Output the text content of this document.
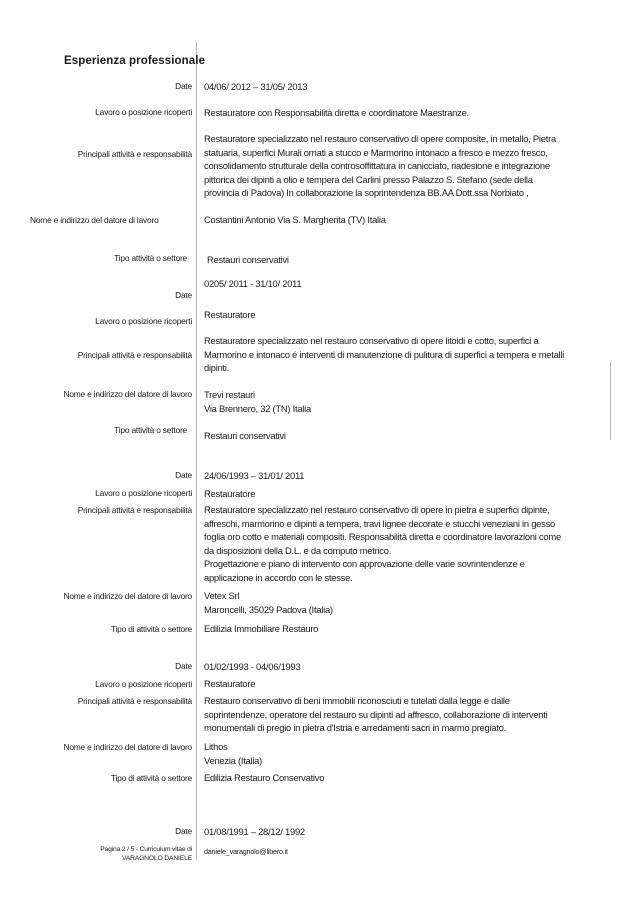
Esperienza professionale
Date 04/06/ 2012 – 31/05/ 2013
Lavoro o posizione ricoperti Restauratore con Responsabilità diretta e coordinatore Maestranze.
Principali attività e responsabilità
Restauratore specializzato nel restauro conservativo di opere composite, in metallo, Pietra
statuaria, superfici Murali ornati a stucco e Marmorino intonaco a fresco e mezzo fresco,
consolidamento strutturale della controsoffittatura in canicciato, riadesione e integrazione
pittorica dei dipinti a olio e tempera del Carlini presso Palazzo S. Stefano (sede della
provincia di Padova) In collaborazione la soprintendenza BB.AA Dott.ssa Norbiato ,
Nome e indirizzo del datore di lavoro	Costantini Antonio Via S. Margherita (TV) Italia
Tipo attività o settore Restauri conservativi
Date
0205/ 2011 - 31/10/ 2011
Lavoro o posizione ricoperti
Restauratore
Principali attività e responsabilità
Restauratore specializzato nel restauro conservativo di opere litoidi e cotto, superfici a
Marmorino e intonaco é interventi di manutenzione di pulitura di superfici a tempera e metalli
dipinti.
Nome e indirizzo del datore di lavoro Trevi restauri
Via Brennero, 32 (TN) Italia
Tipo attività o settore Restauri conservativi
Date 24/06/1993 – 31/01/ 2011
Lavoro o posizione ricoperti Restauratore
Principali attività e responsabilità Restauratore specializzato nel restauro conservativo di opere in pietra e superfici dipinte,
affreschi, marmorino e dipinti a tempera, travi lignee decorate e stucchi veneziani in gesso
foglia oro cotto e materiali compositi. Responsabilità diretta e coordinatore lavorazioni come
da disposizioni della D.L. e da computo metrico.
Progettazione e piano di intervento con approvazione delle varie sovrintendenze e
applicazione in accordo con le stesse.
Nome e indirizzo del datore di lavoro Vetex Srl
Maroncelli, 35029 Padova (Italia)
Tipo di attività o settore Edilizia Immobiliare Restauro
Date 01/02/1993 - 04/06/1993
Lavoro o posizione ricoperti Restauratore
Principali attività e responsabilità Restauro conservativo di beni immobili riconosciuti e tutelati dalla legge e dalle
soprintendenze, operatore del restauro su dipinti ad affresco, collaborazione di interventi
monumentali di pregio in pietra d'Istria e arredamenti sacri in marmo pregiato.
Nome e indirizzo del datore di lavoro Lithos
Venezia (Italia)
Tipo di attività o settore Edilizia Restauro Conservativo
Date 01/08/1991 – 28/12/ 1992
Pagina 2 / 5 - Curriculum vitae di
VARAGNOLO DANIELE
daniele_varagnolo@libero.it
